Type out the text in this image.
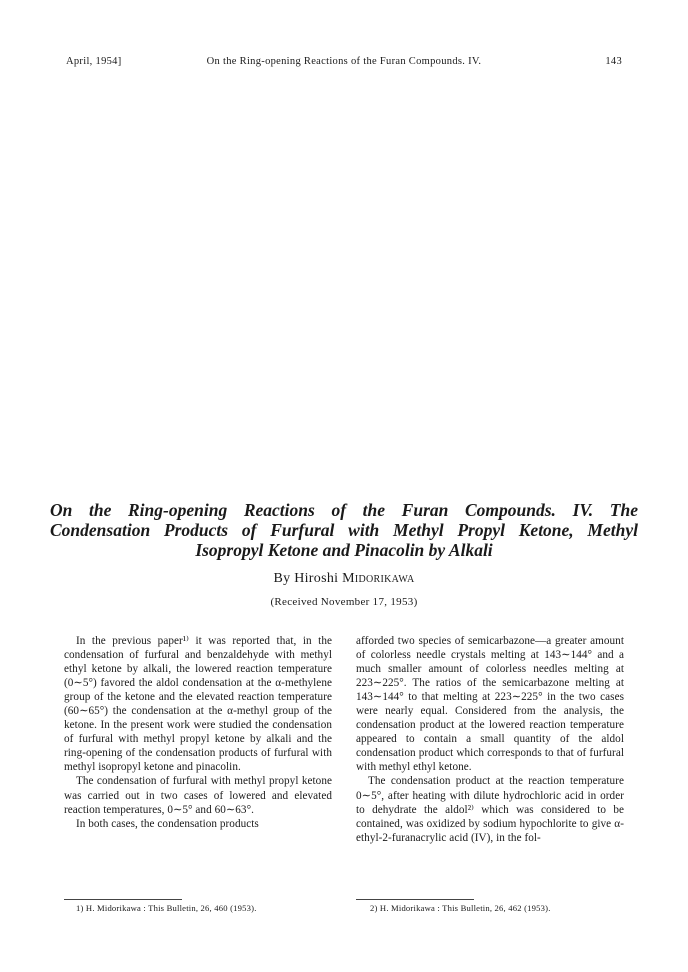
April, 1954]	On the Ring-opening Reactions of the Furan Compounds. IV.	143
On the Ring-opening Reactions of the Furan Compounds. IV. The
Condensation Products of Furfural with Methyl Propyl Ketone, Methyl
Isopropyl Ketone and Pinacolin by Alkali
By Hiroshi Midorikawa
(Received November 17, 1953)

In the previous paper¹⁾ it was reported that, in the condensation of furfural and benzaldehyde with methyl ethyl ketone by alkali, the lowered reaction temperature (0∼5°) favored the aldol condensation at the α-methylene group of the ketone and the elevated reaction temperature (60∼65°) the condensation at the α-methyl group of the ketone. In the present work were studied the condensation of furfural with methyl propyl ketone by alkali and the ring-opening of the condensation products of furfural with methyl isopropyl ketone and pinacolin.

The condensation of furfural with methyl propyl ketone was carried out in two cases of lowered and elevated reaction temperatures, 0∼5° and 60∼63°.

In both cases, the condensation products

afforded two species of semicarbazone—a greater amount of colorless needle crystals melting at 143∼144° and a much smaller amount of colorless needles melting at 223∼225°. The ratios of the semicarbazone melting at 143∼144° to that melting at 223∼225° in the two cases were nearly equal. Considered from the analysis, the condensation product at the lowered reaction temperature appeared to contain a small quantity of the aldol condensation product which corresponds to that of furfural with methyl ethyl ketone.

The condensation product at the reaction temperature 0∼5°, after heating with dilute hydrochloric acid in order to dehydrate the aldol²⁾ which was considered to be contained, was oxidized by sodium hypochlorite to give α-ethyl-2-furanacrylic acid (IV), in the fol-

1) H. Midorikawa : This Bulletin, 26, 460 (1953).	2) H. Midorikawa : This Bulletin, 26, 462 (1953).
